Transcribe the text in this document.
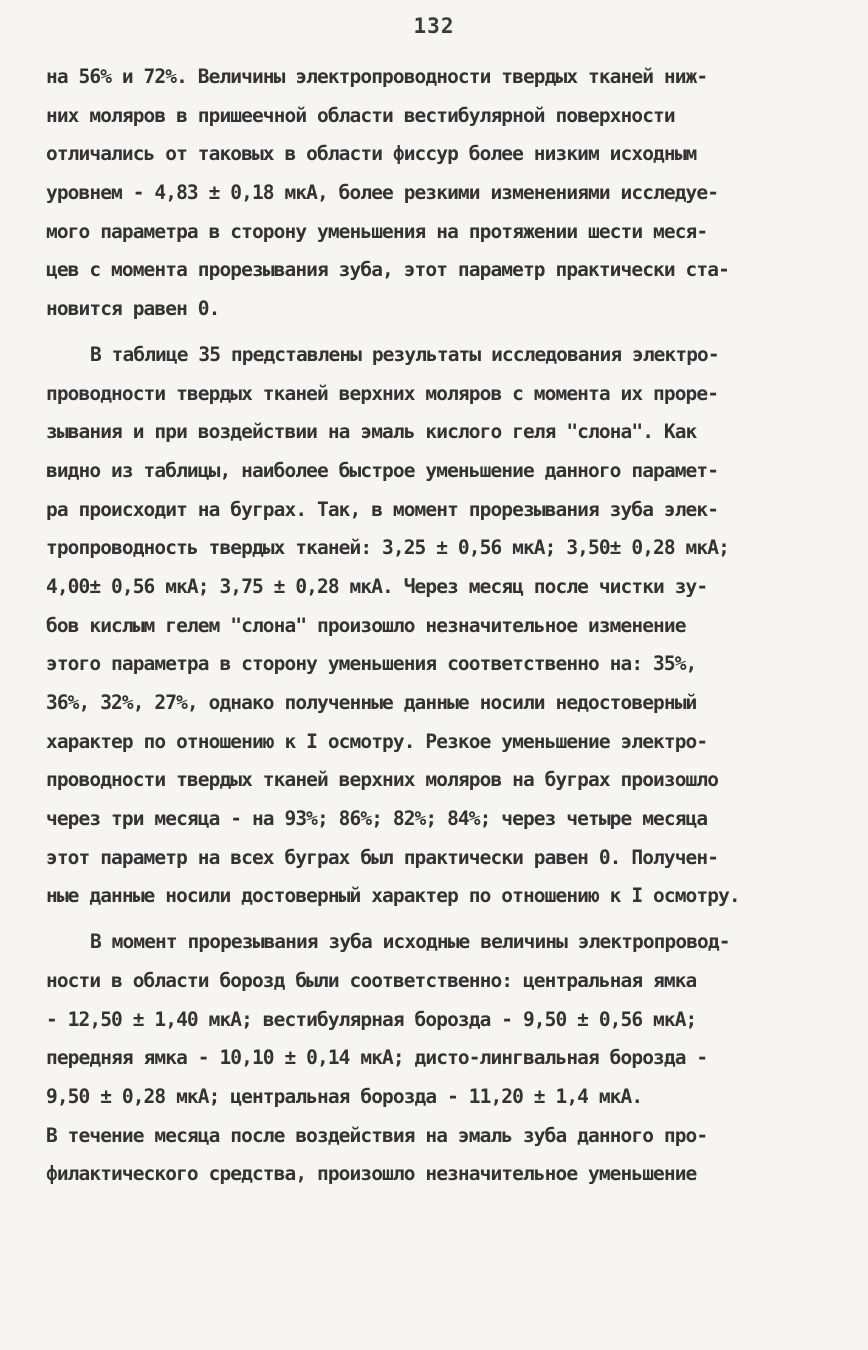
132
на 56% и 72%. Величины электропроводности твердых тканей ниж-
них моляров в пришеечной области вестибулярной поверхности
отличались от таковых в области фиссур более низким исходным
уровнем - 4,83 ± 0,18 мкА, более резкими изменениями исследуе-
мого параметра в сторону уменьшения на протяжении шести меся-
цев с момента прорезывания зуба, этот параметр практически ста-
новится равен 0.
В таблице 35 представлены результаты исследования электро-
проводности твердых тканей верхних моляров с момента их проре-
зывания и при воздействии на эмаль кислого геля "слона". Как
видно из таблицы, наиболее быстрое уменьшение данного парамет-
ра происходит на буграх. Так, в момент прорезывания зуба элек-
тропроводность твердых тканей: 3,25 ± 0,56 мкА; 3,50± 0,28 мкА;
4,00± 0,56 мкА; 3,75 ± 0,28 мкА. Через месяц после чистки зу-
бов кислым гелем "слона" произошло незначительное изменение
этого параметра в сторону уменьшения соответственно на: 35%,
36%, 32%, 27%, однако полученные данные носили недостоверный
характер по отношению к I осмотру. Резкое уменьшение электро-
проводности твердых тканей верхних моляров на буграх произошло
через три месяца - на 93%; 86%; 82%; 84%; через четыре месяца
этот параметр на всех буграх был практически равен 0. Получен-
ные данные носили достоверный характер по отношению к I осмотру.
В момент прорезывания зуба исходные величины электропровод-
ности в области борозд были соответственно: центральная ямка
- 12,50 ± 1,40 мкА; вестибулярная борозда - 9,50 ± 0,56 мкА;
передняя ямка - 10,10 ± 0,14 мкА; дисто-лингвальная борозда -
9,50 ± 0,28 мкА; центральная борозда - 11,20 ± 1,4 мкА.
В течение месяца после воздействия на эмаль зуба данного про-
филактического средства, произошло незначительное уменьшение
